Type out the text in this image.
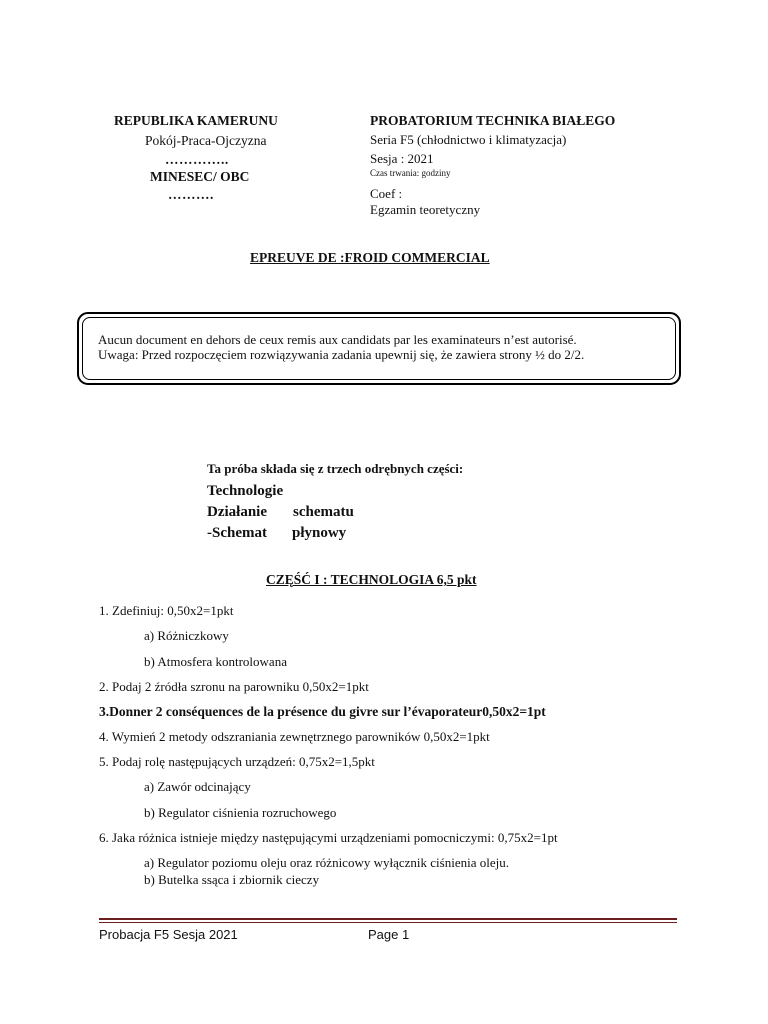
REPUBLIKA KAMERUNU
Pokój-Praca-Ojczyzna
…………..
MINESEC/ OBC
……….
PROBATORIUM TECHNIKA BIAŁEGO
Seria F5 (chłodnictwo i klimatyzacja)
Sesja : 2021
Czas trwania: godziny
Coef :
Egzamin teoretyczny
EPREUVE DE :FROID COMMERCIAL
Aucun document en dehors de ceux remis aux candidats par les examinateurs n’est autorisé.
Uwaga: Przed rozpoczęciem rozwiązywania zadania upewnij się, że zawiera strony ½ do 2/2.
Ta próba składa się z trzech odrębnych części:
Technologie
Działanie schematu
-Schemat płynowy
CZĘŚĆ I : TECHNOLOGIA 6,5 pkt
1. Zdefiniuj: 0,50x2=1pkt
a) Różniczkowy
b) Atmosfera kontrolowana
2. Podaj 2 źródła szronu na parowniku 0,50x2=1pkt
3.Donner 2 conséquences de la présence du givre sur l’évaporateur0,50x2=1pt
4. Wymień 2 metody odszraniania zewnętrznego parowników 0,50x2=1pkt
5. Podaj rolę następujących urządzeń: 0,75x2=1,5pkt
a) Zawór odcinający
b) Regulator ciśnienia rozruchowego
6. Jaka różnica istnieje między następującymi urządzeniami pomocniczymi: 0,75x2=1pt
a) Regulator poziomu oleju oraz różnicowy wyłącznik ciśnienia oleju.
b) Butelka ssąca i zbiornik cieczy
Probacja F5 Sesja 2021	Page 1
